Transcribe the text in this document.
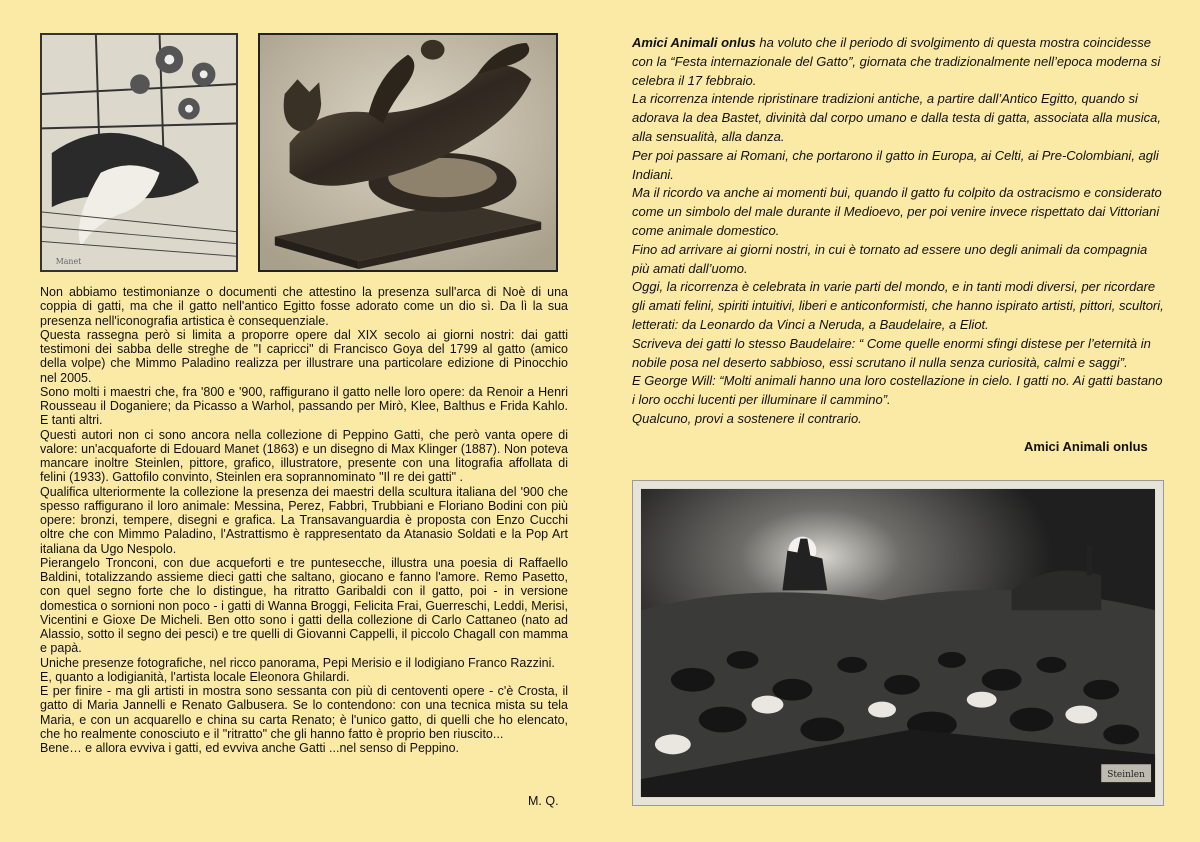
Manet

Non abbiamo testimonianze o documenti che attestino la presenza sull'arca di Noè di una coppia di gatti, ma che il gatto nell'antico Egitto fosse adorato come un dio sì. Da lì la sua presenza nell'iconografia artistica è consequenziale.

Questa rassegna però si limita a proporre opere dal XIX secolo ai giorni nostri: dai gatti testimoni dei sabba delle streghe de "I capricci" di Francisco Goya del 1799 al gatto (amico della volpe) che Mimmo Paladino realizza per illustrare una particolare edizione di Pinocchio nel 2005.

Sono molti i maestri che, fra '800 e '900, raffigurano il gatto nelle loro opere: da Renoir a Henri Rousseau il Doganiere; da Picasso a Warhol, passando per Mirò, Klee, Balthus e Frida Kahlo. E tanti altri.

Questi autori non ci sono ancora nella collezione di Peppino Gatti, che però vanta opere di valore: un'acquaforte di Edouard Manet (1863) e un disegno di Max Klinger (1887). Non poteva mancare inoltre Steinlen, pittore, grafico, illustratore, presente con una litografia affollata di felini (1933). Gattofilo convinto, Steinlen era soprannominato "Il re dei gatti" .

Qualifica ulteriormente la collezione la presenza dei maestri della scultura italiana del '900 che spesso raffigurano il loro animale: Messina, Perez, Fabbri, Trubbiani e Floriano Bodini con più opere: bronzi, tempere, disegni e grafica. La Transavanguardia è proposta con Enzo Cucchi oltre che con Mimmo Paladino, l'Astrattismo è rappresentato da Atanasio Soldati e la Pop Art italiana da Ugo Nespolo.

Pierangelo Tronconi, con due acqueforti e tre puntesecche, illustra una poesia di Raffaello Baldini, totalizzando assieme dieci gatti che saltano, giocano e fanno l'amore. Remo Pasetto, con quel segno forte che lo distingue, ha ritratto Garibaldi con il gatto, poi - in versione domestica o sornioni non poco - i gatti di Wanna Broggi, Felicita Frai, Guerreschi, Leddi, Merisi, Vicentini e Gioxe De Micheli. Ben otto sono i gatti della collezione di Carlo Cattaneo (nato ad Alassio, sotto il segno dei pesci) e tre quelli di Giovanni Cappelli, il piccolo Chagall con mamma e papà.

Uniche presenze fotografiche, nel ricco panorama, Pepi Merisio e il lodigiano Franco Razzini.

E, quanto a lodigianità, l'artista locale Eleonora Ghilardi.

E per finire - ma gli artisti in mostra sono sessanta con più di centoventi opere - c'è Crosta, il gatto di Maria Jannelli e Renato Galbusera. Se lo contendono: con una tecnica mista su tela Maria, e con un acquarello e china su carta Renato; è l'unico gatto, di quelli che ho elencato, che ho realmente conosciuto e il "ritratto" che gli hanno fatto è proprio ben riuscito...

Bene… e allora evviva i gatti, ed evviva anche Gatti ...nel senso di Peppino.

M. Q.

Amici Animali onlus ha voluto che il periodo di svolgimento di questa mostra coincidesse con la “Festa internazionale del Gatto”, giornata che tradizionalmente nell’epoca moderna si celebra il 17 febbraio.

La ricorrenza intende ripristinare tradizioni antiche, a partire dall’Antico Egitto, quando si adorava la dea Bastet, divinità dal corpo umano e dalla testa di gatta, associata alla musica, alla sensualità, alla danza.

Per poi passare ai Romani, che portarono il gatto in Europa, ai Celti, ai Pre-Colombiani, agli Indiani.

Ma il ricordo va anche ai momenti bui, quando il gatto fu colpito da ostracismo e considerato come un simbolo del male durante il Medioevo, per poi venire invece rispettato dai Vittoriani come animale domestico.

Fino ad arrivare ai giorni nostri, in cui è tornato ad essere uno degli animali da compagnia più amati dall’uomo.

Oggi, la ricorrenza è celebrata in varie parti del mondo, e in tanti modi diversi, per ricordare gli amati felini, spiriti intuitivi, liberi e anticonformisti, che hanno ispirato artisti, pittori, scultori, letterati: da Leonardo da Vinci a Neruda, a Baudelaire, a Eliot.

Scriveva dei gatti lo stesso Baudelaire: “ Come quelle enormi sfingi distese per l’eternità in nobile posa nel deserto sabbioso, essi scrutano il nulla senza curiosità, calmi e saggi”.

E George Will: “Molti animali hanno una loro costellazione in cielo. I gatti no. Ai gatti bastano i loro occhi lucenti per illuminare il cammino”.

Qualcuno, provi a sostenere il contrario.

Amici Animali onlus
Steinlen
